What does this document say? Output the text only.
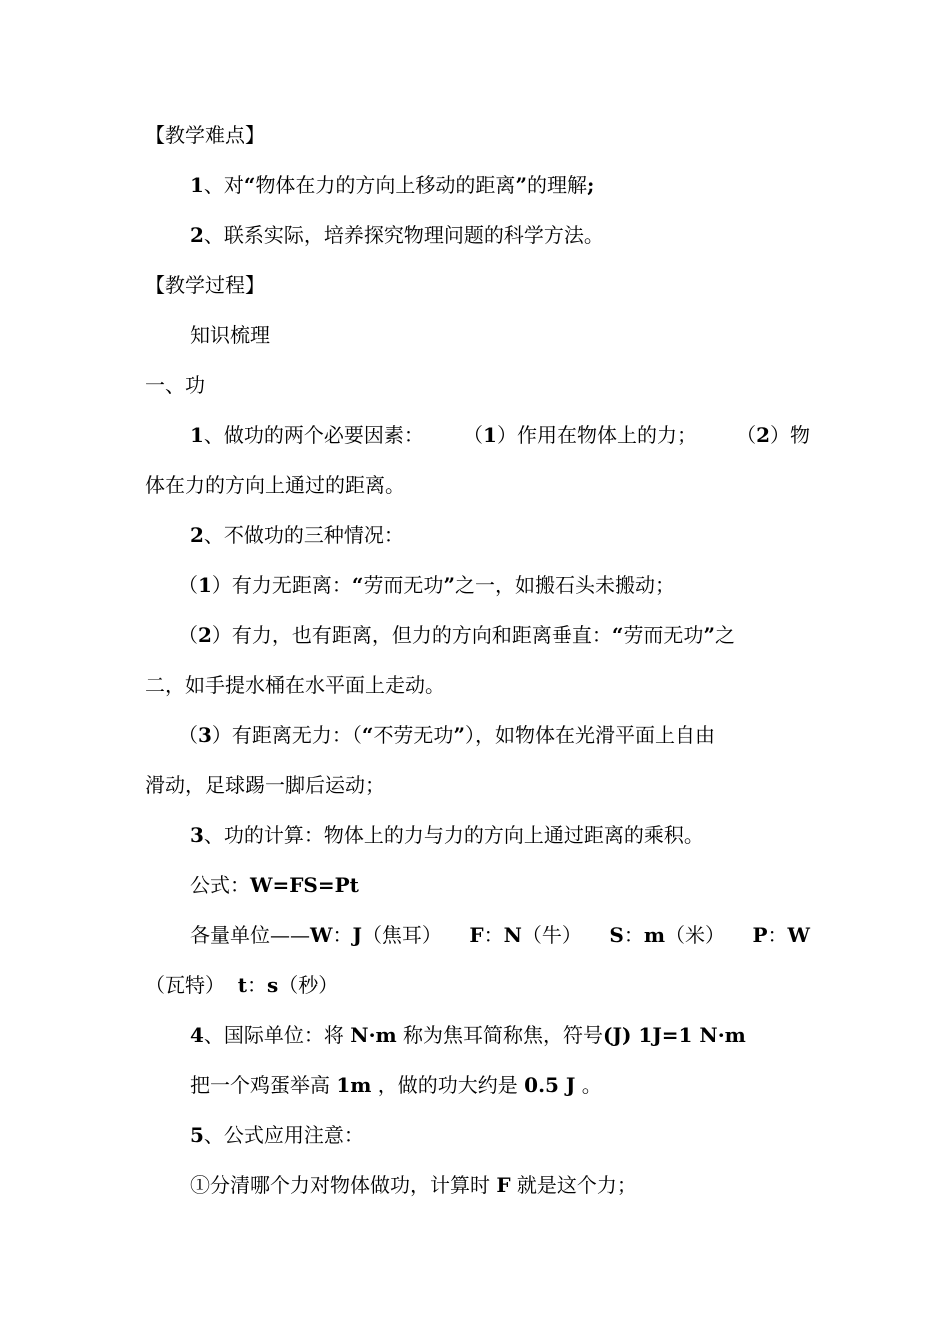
【教学难点】
1、对“物体在力的方向上移动的距离”的理解;
2、联系实际，培养探究物理问题的科学方法。
【教学过程】
知识梳理
一、功
1、做功的两个必要因素： （1）作用在物体上的力； （2）物
体在力的方向上通过的距离。
2、不做功的三种情况：
（1）有力无距离：“劳而无功”之一，如搬石头未搬动；
（2）有力，也有距离，但力的方向和距离垂直：“劳而无功”之
二，如手提水桶在水平面上走动。
（3）有距离无力：（“不劳无功”），如物体在光滑平面上自由
滑动，足球踢一脚后运动；
3、功的计算：物体上的力与力的方向上通过距离的乘积。
公式：W=FS=Pt
各量单位——W：J（焦耳） F：N（牛） S：m（米） P：W
（瓦特） t：s（秒）
4、国际单位：将 N·m 称为焦耳简称焦，符号(J) 1J=1 N·m
把一个鸡蛋举高 1m ，做的功大约是 0.5 J 。
5、公式应用注意：
①分清哪个力对物体做功，计算时 F 就是这个力；
